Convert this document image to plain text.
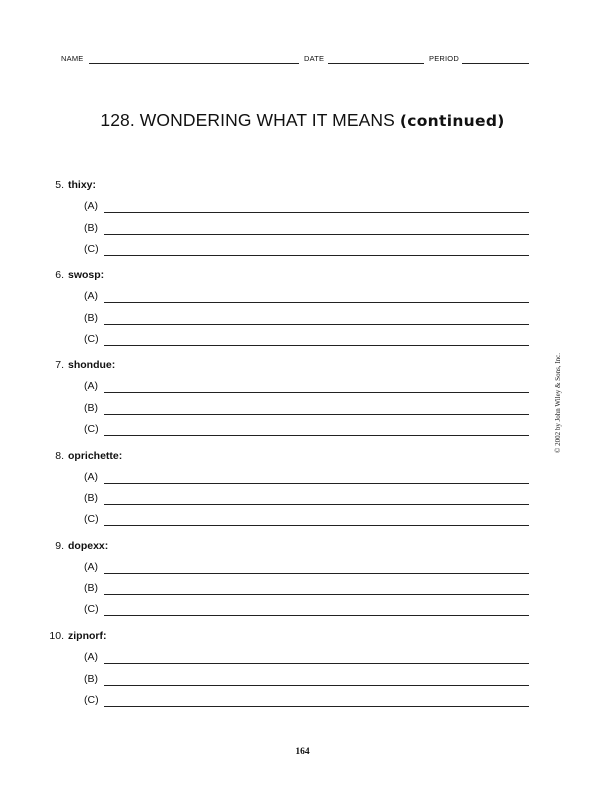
NAME	DATE	PERIOD
128. WONDERING WHAT IT MEANS (continued)
5. thixy:
(A)
(B)
(C)
6. swosp:
(A)
(B)
(C)
7. shondue:
(A)
(B)
(C)
8. oprichette:
(A)
(B)
(C)
9. dopexx:
(A)
(B)
(C)
10. zipnorf:
(A)
(B)
(C)
© 2002 by John Wiley & Sons, Inc.
164
